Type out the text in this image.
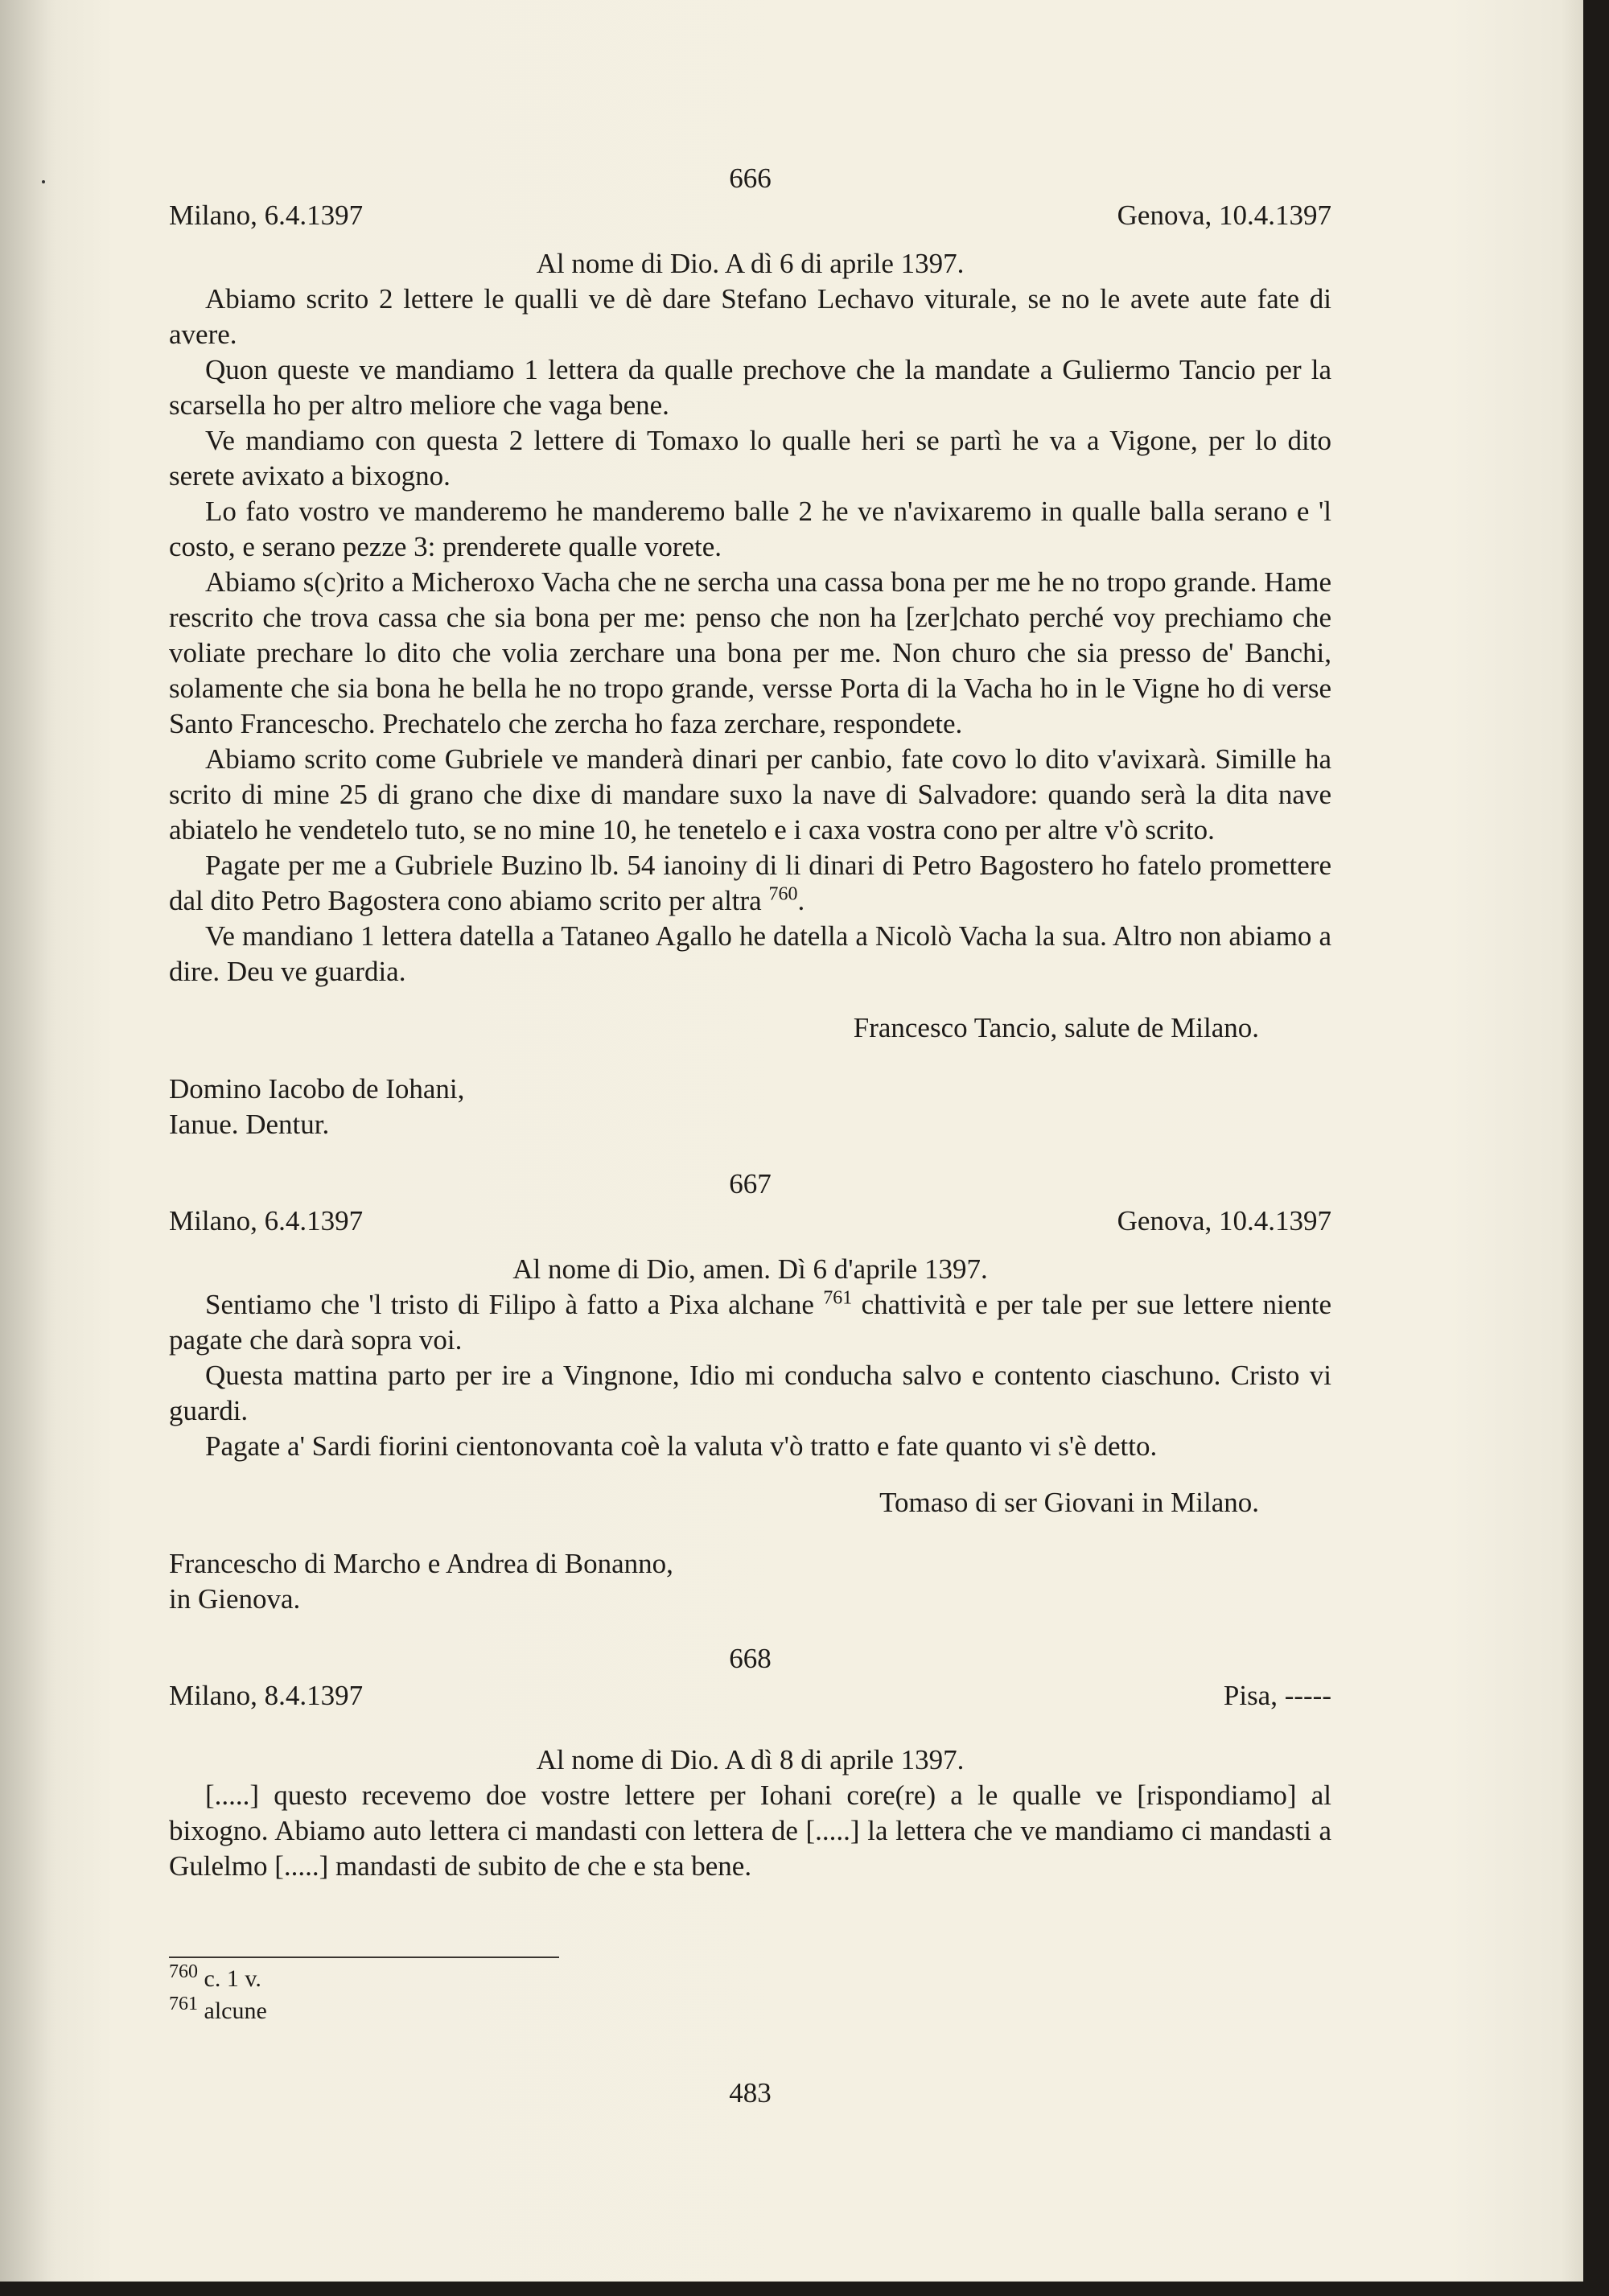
666
Milano, 6.4.1397	Genova, 10.4.1397
Al nome di Dio. A dì 6 di aprile 1397.

Abiamo scrito 2 lettere le qualli ve dè dare Stefano Lechavo viturale, se no le avete aute fate di avere.

Quon queste ve mandiamo 1 lettera da qualle prechove che la mandate a Guliermo Tancio per la scarsella ho per altro meliore che vaga bene.

Ve mandiamo con questa 2 lettere di Tomaxo lo qualle heri se partì he va a Vigone, per lo dito serete avixato a bixogno.

Lo fato vostro ve manderemo he manderemo balle 2 he ve n'avixaremo in qualle balla serano e 'l costo, e serano pezze 3: prenderete qualle vorete.

Abiamo s(c)rito a Micheroxo Vacha che ne sercha una cassa bona per me he no tropo grande. Hame rescrito che trova cassa che sia bona per me: penso che non ha [zer]chato perché voy prechiamo che voliate prechare lo dito che volia zerchare una bona per me. Non churo che sia presso de' Banchi, solamente che sia bona he bella he no tropo grande, versse Porta di la Vacha ho in le Vigne ho di verse Santo Francescho. Prechatelo che zercha ho faza zerchare, respondete.

Abiamo scrito come Gubriele ve manderà dinari per canbio, fate covo lo dito v'avixarà. Simille ha scrito di mine 25 di grano che dixe di mandare suxo la nave di Salvadore: quando serà la dita nave abiatelo he vendetelo tuto, se no mine 10, he tenetelo e i caxa vostra cono per altre v'ò scrito.

Pagate per me a Gubriele Buzino lb. 54 ianoiny di li dinari di Petro Bagostero ho fatelo promettere dal dito Petro Bagostera cono abiamo scrito per altra $^{760}$.

Ve mandiano 1 lettera datella a Tataneo Agallo he datella a Nicolò Vacha la sua. Altro non abiamo a dire. Deu ve guardia.

Francesco Tancio, salute de Milano.
Domino Iacobo de Iohani,
Ianue. Dentur.
667
Milano, 6.4.1397	Genova, 10.4.1397
Al nome di Dio, amen. Dì 6 d'aprile 1397.

Sentiamo che 'l tristo di Filipo à fatto a Pixa alchane $^{761}$ chattività e per tale per sue lettere niente pagate che darà sopra voi.

Questa mattina parto per ire a Vingnone, Idio mi conducha salvo e contento ciaschuno. Cristo vi guardi.

Pagate a' Sardi fiorini cientonovanta coè la valuta v'ò tratto e fate quanto vi s'è detto.

Tomaso di ser Giovani in Milano.
Francescho di Marcho e Andrea di Bonanno,
in Gienova.
668
Milano, 8.4.1397	Pisa, -----
Al nome di Dio. A dì 8 di aprile 1397.

[.....] questo recevemo doe vostre lettere per Iohani core(re) a le qualle ve [rispondiamo] al bixogno. Abiamo auto lettera ci mandasti con lettera de [.....] la lettera che ve mandiamo ci mandasti a Gulelmo [.....] mandasti de subito de che e sta bene.

$^{760}$ c. 1 v.
$^{761}$ alcune
483
